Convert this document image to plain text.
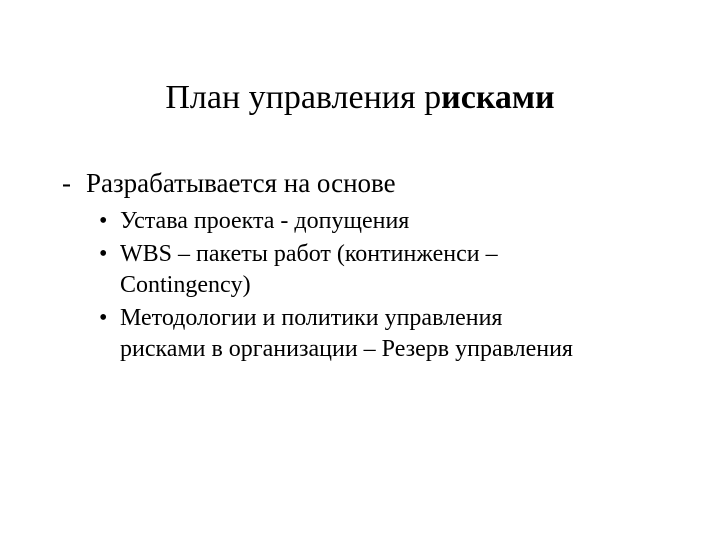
План управления рисками
- Разрабатывается на основе
• Устава проекта - допущения
• WBS – пакеты работ (континженси –
Contingency)
• Методологии и политики управления
рисками в организации – Резерв управления
